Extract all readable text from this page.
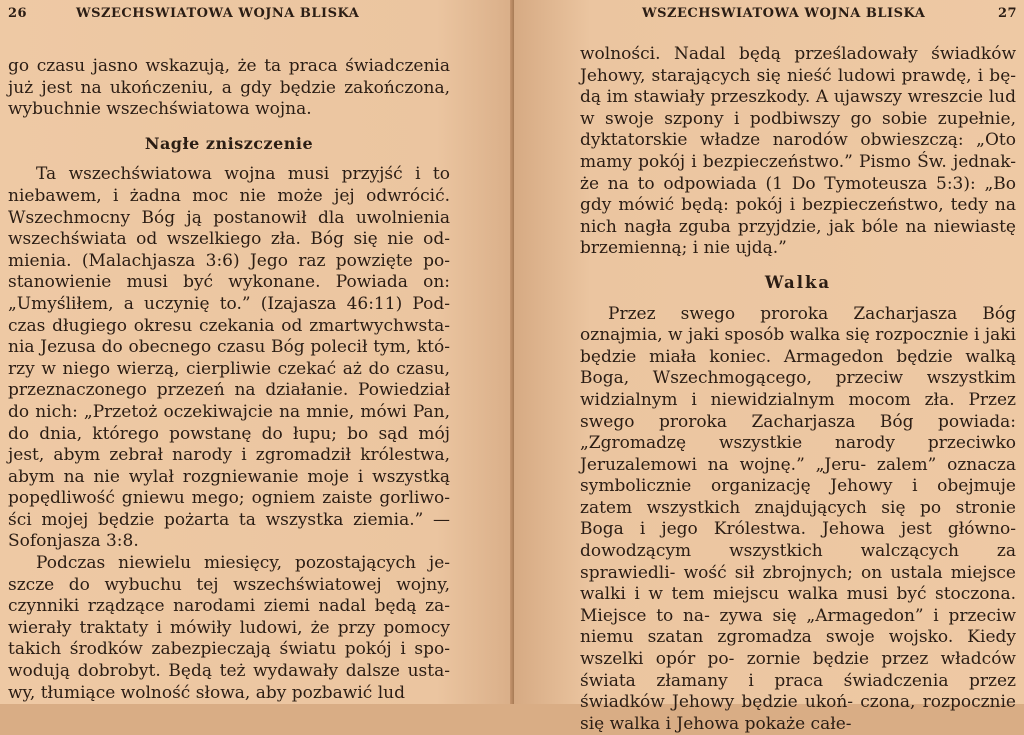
26	WSZECHSWIATOWA WOJNA BLISKA

go czasu jasno wskazują, że ta praca świadczenia już jest na ukończeniu, a gdy będzie zakończona, wybuchnie wszechświatowa wojna.

Nagłe zniszczenie

Ta wszechświatowa wojna musi przyjść i to niebawem, i żadna moc nie może jej odwrócić. Wszechmocny Bóg ją postanowił dla uwolnienia wszechświata od wszelkiego zła. Bóg się nie od- mienia. (Malachjasza 3:6) Jego raz powzięte po- stanowienie musi być wykonane. Powiada on: „Umyśliłem, a uczynię to.” (Izajasza 46:11) Pod- czas długiego okresu czekania od zmartwychwsta- nia Jezusa do obecnego czasu Bóg polecił tym, któ- rzy w niego wierzą, cierpliwie czekać aż do czasu, przeznaczonego przezeń na działanie. Powiedział do nich: „Przetoż oczekiwajcie na mnie, mówi Pan, do dnia, którego powstanę do łupu; bo sąd mój jest, abym zebrał narody i zgromadził królestwa, abym na nie wylał rozgniewanie moje i wszystką popędliwość gniewu mego; ogniem zaiste gorliwo- ści mojej będzie pożarta ta wszystka ziemia.” — Sofonjasza 3:8.

Podczas niewielu miesięcy, pozostających je- szcze do wybuchu tej wszechświatowej wojny, czynniki rządzące narodami ziemi nadal będą za- wierały traktaty i mówiły ludowi, że przy pomocy takich środków zabezpieczają światu pokój i spo- wodują dobrobyt. Będą też wydawały dalsze usta- wy, tłumiące wolność słowa, aby pozbawić lud

WSZECHSWIATOWA WOJNA BLISKA	27

wolności. Nadal będą prześladowały świadków Jehowy, starających się nieść ludowi prawdę, i bę- dą im stawiały przeszkody. A ujawszy wreszcie lud w swoje szpony i podbiwszy go sobie zupełnie, dyktatorskie władze narodów obwieszczą: „Oto mamy pokój i bezpieczeństwo.” Pismo Św. jednak- że na to odpowiada (1 Do Tymoteusza 5:3): „Bo gdy mówić będą: pokój i bezpieczeństwo, tedy na nich nagła zguba przyjdzie, jak bóle na niewiastę brzemienną; i nie ujdą.”

Walka

Przez swego proroka Zacharjasza Bóg oznajmia, w jaki sposób walka się rozpocznie i jaki będzie miała koniec. Armagedon będzie walką Boga, Wszechmogącego, przeciw wszystkim widzialnym i niewidzialnym mocom zła. Przez swego proroka Zacharjasza Bóg powiada: „Zgromadzę wszystkie narody przeciwko Jeruzalemowi na wojnę.” „Jeru- zalem” oznacza symbolicznie organizację Jehowy i obejmuje zatem wszystkich znajdujących się po stronie Boga i jego Królestwa. Jehowa jest główno- dowodzącym wszystkich walczących za sprawiedli- wość sił zbrojnych; on ustala miejsce walki i w tem miejscu walka musi być stoczona. Miejsce to na- zywa się „Armagedon” i przeciw niemu szatan zgromadza swoje wojsko. Kiedy wszelki opór po- zornie będzie przez władców świata złamany i praca świadczenia przez świadków Jehowy będzie ukoń- czona, rozpocznie się walka i Jehowa pokaże całe-
